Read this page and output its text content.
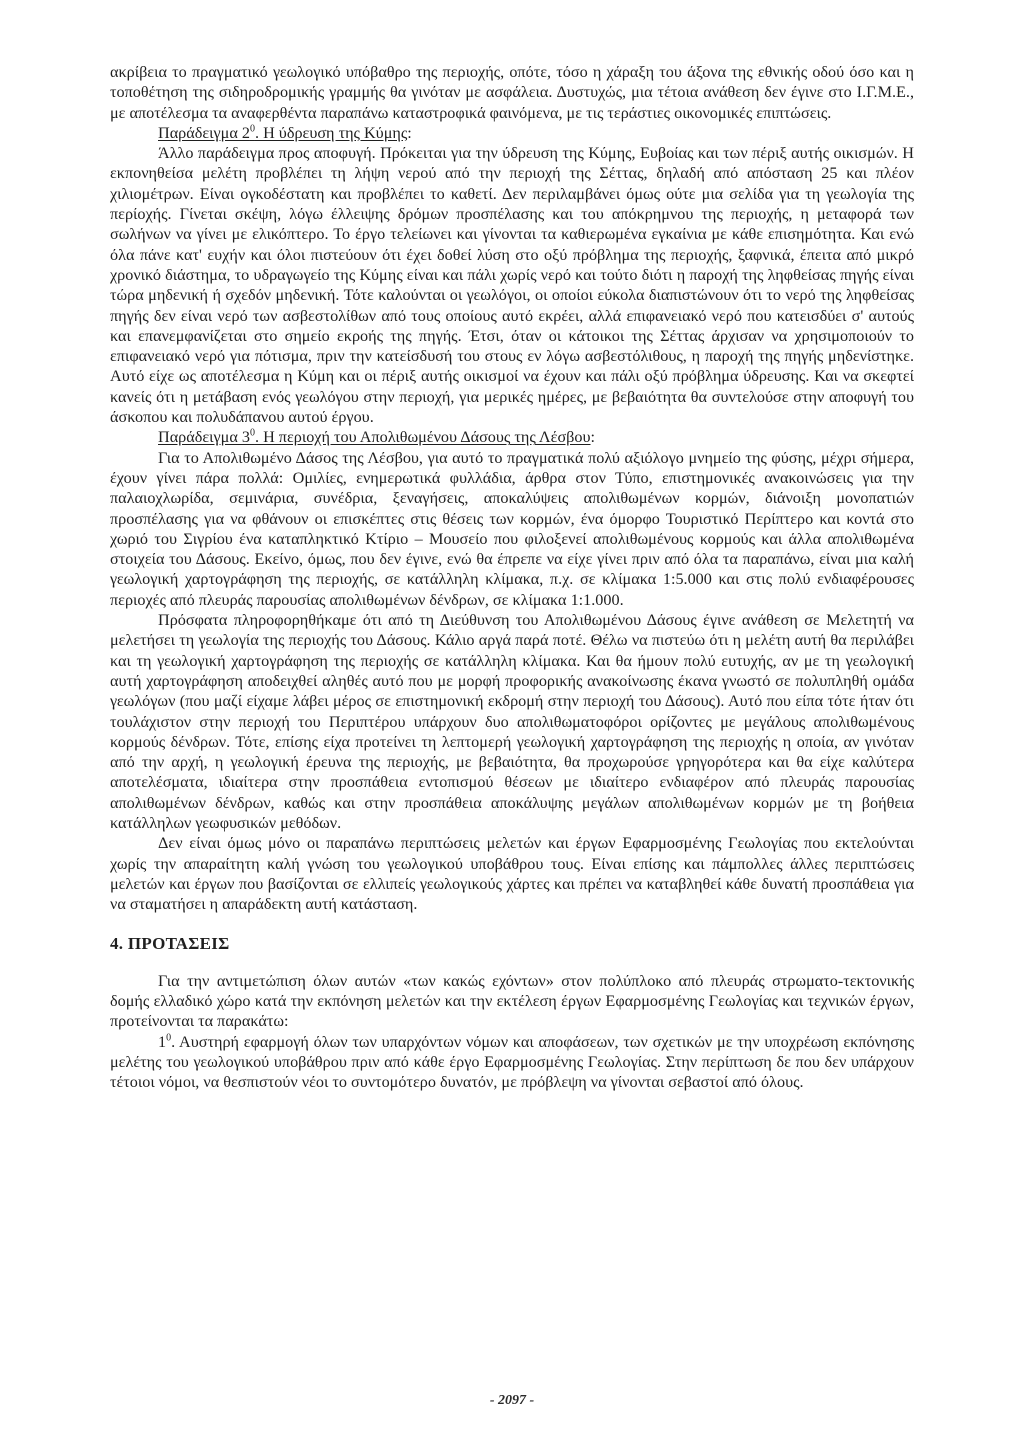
ακρίβεια το πραγματικό γεωλογικό υπόβαθρο της περιοχής, οπότε, τόσο η χάραξη του άξονα της εθνικής οδού όσο και η τοποθέτηση της σιδηροδρομικής γραμμής θα γινόταν με ασφάλεια. Δυστυχώς, μια τέτοια ανάθεση δεν έγινε στο Ι.Γ.Μ.Ε., με αποτέλεσμα τα αναφερθέντα παραπάνω καταστροφικά φαινόμενα, με τις τεράστιες οικονομικές επιπτώσεις.

Παράδειγμα $2^0$. Η ύδρευση της Κύμης:

Άλλο παράδειγμα προς αποφυγή. Πρόκειται για την ύδρευση της Κύμης, Ευβοίας και των πέριξ αυτής οικισμών. Η εκπονηθείσα μελέτη προβλέπει τη λήψη νερού από την περιοχή της Σέττας, δηλαδή από απόσταση 25 και πλέον χιλιομέτρων. Είναι ογκοδέστατη και προβλέπει το καθετί. Δεν περιλαμβάνει όμως ούτε μια σελίδα για τη γεωλογία της περίοχής. Γίνεται σκέψη, λόγω έλλειψης δρόμων προσπέλασης και του απόκρημνου της περιοχής, η μεταφορά των σωλήνων να γίνει με ελικόπτερο. Το έργο τελείωνει και γίνονται τα καθιερωμένα εγκαίνια με κάθε επισημότητα. Και ενώ όλα πάνε κατ' ευχήν και όλοι πιστεύουν ότι έχει δοθεί λύση στο οξύ πρόβλημα της περιοχής, ξαφνικά, έπειτα από μικρό χρονικό διάστημα, το υδραγωγείο της Κύμης είναι και πάλι χωρίς νερό και τούτο διότι η παροχή της ληφθείσας πηγής είναι τώρα μηδενική ή σχεδόν μηδενική. Τότε καλούνται οι γεωλόγοι, οι οποίοι εύκολα διαπιστώνουν ότι το νερό της ληφθείσας πηγής δεν είναι νερό των ασβεστολίθων από τους οποίους αυτό εκρέει, αλλά επιφανειακό νερό που κατεισδύει σ' αυτούς και επανεμφανίζεται στο σημείο εκροής της πηγής. Έτσι, όταν οι κάτοικοι της Σέττας άρχισαν να χρησιμοποιούν το επιφανειακό νερό για πότισμα, πριν την κατείσδυσή του στους εν λόγω ασβεστόλιθους, η παροχή της πηγής μηδενίστηκε. Αυτό είχε ως αποτέλεσμα η Κύμη και οι πέριξ αυτής οικισμοί να έχουν και πάλι οξύ πρόβλημα ύδρευσης. Και να σκεφτεί κανείς ότι η μετάβαση ενός γεωλόγου στην περιοχή, για μερικές ημέρες, με βεβαιότητα θα συντελούσε στην αποφυγή του άσκοπου και πολυδάπανου αυτού έργου.

Παράδειγμα $3^0$. Η περιοχή του Απολιθωμένου Δάσους της Λέσβου:

Για το Απολιθωμένο Δάσος της Λέσβου, για αυτό το πραγματικά πολύ αξιόλογο μνημείο της φύσης, μέχρι σήμερα, έχουν γίνει πάρα πολλά: Ομιλίες, ενημερωτικά φυλλάδια, άρθρα στον Τύπο, επιστημονικές ανακοινώσεις για την παλαιοχλωρίδα, σεμινάρια, συνέδρια, ξεναγήσεις, αποκαλύψεις απολιθωμένων κορμών, διάνοιξη μονοπατιών προσπέλασης για να φθάνουν οι επισκέπτες στις θέσεις των κορμών, ένα όμορφο Τουριστικό Περίπτερο και κοντά στο χωριό του Σιγρίου ένα καταπληκτικό Κτίριο – Μουσείο που φιλοξενεί απολιθωμένους κορμούς και άλλα απολιθωμένα στοιχεία του Δάσους. Εκείνο, όμως, που δεν έγινε, ενώ θα έπρεπε να είχε γίνει πριν από όλα τα παραπάνω, είναι μια καλή γεωλογική χαρτογράφηση της περιοχής, σε κατάλληλη κλίμακα, π.χ. σε κλίμακα 1:5.000 και στις πολύ ενδιαφέρουσες περιοχές από πλευράς παρουσίας απολιθωμένων δένδρων, σε κλίμακα 1:1.000.

Πρόσφατα πληροφορηθήκαμε ότι από τη Διεύθυνση του Απολιθωμένου Δάσους έγινε ανάθεση σε Μελετητή να μελετήσει τη γεωλογία της περιοχής του Δάσους. Κάλιο αργά παρά ποτέ. Θέλω να πιστεύω ότι η μελέτη αυτή θα περιλάβει και τη γεωλογική χαρτογράφηση της περιοχής σε κατάλληλη κλίμακα. Και θα ήμουν πολύ ευτυχής, αν με τη γεωλογική αυτή χαρτογράφηση αποδειχθεί αληθές αυτό που με μορφή προφορικής ανακοίνωσης έκανα γνωστό σε πολυπληθή ομάδα γεωλόγων (που μαζί είχαμε λάβει μέρος σε επιστημονική εκδρομή στην περιοχή του Δάσους). Αυτό που είπα τότε ήταν ότι τουλάχιστον στην περιοχή του Περιπτέρου υπάρχουν δυο απολιθωματοφόροι ορίζοντες με μεγάλους απολιθωμένους κορμούς δένδρων. Τότε, επίσης είχα προτείνει τη λεπτομερή γεωλογική χαρτογράφηση της περιοχής η οποία, αν γινόταν από την αρχή, η γεωλογική έρευνα της περιοχής, με βεβαιότητα, θα προχωρούσε γρηγορότερα και θα είχε καλύτερα αποτελέσματα, ιδιαίτερα στην προσπάθεια εντοπισμού θέσεων με ιδιαίτερο ενδιαφέρον από πλευράς παρουσίας απολιθωμένων δένδρων, καθώς και στην προσπάθεια αποκάλυψης μεγάλων απολιθωμένων κορμών με τη βοήθεια κατάλληλων γεωφυσικών μεθόδων.

Δεν είναι όμως μόνο οι παραπάνω περιπτώσεις μελετών και έργων Εφαρμοσμένης Γεωλογίας που εκτελούνται χωρίς την απαραίτητη καλή γνώση του γεωλογικού υποβάθρου τους. Είναι επίσης και πάμπολλες άλλες περιπτώσεις μελετών και έργων που βασίζονται σε ελλιπείς γεωλογικούς χάρτες και πρέπει να καταβληθεί κάθε δυνατή προσπάθεια για να σταματήσει η απαράδεκτη αυτή κατάσταση.

4. ΠΡΟΤΑΣΕΙΣ

Για την αντιμετώπιση όλων αυτών «των κακώς εχόντων» στον πολύπλοκο από πλευράς στρωματο-τεκτονικής δομής ελλαδικό χώρο κατά την εκπόνηση μελετών και την εκτέλεση έργων Εφαρμοσμένης Γεωλογίας και τεχνικών έργων, προτείνονται τα παρακάτω:

$1^0$. Αυστηρή εφαρμογή όλων των υπαρχόντων νόμων και αποφάσεων, των σχετικών με την υποχρέωση εκπόνησης μελέτης του γεωλογικού υποβάθρου πριν από κάθε έργο Εφαρμοσμένης Γεωλογίας. Στην περίπτωση δε που δεν υπάρχουν τέτοιοι νόμοι, να θεσπιστούν νέοι το συντομότερο δυνατόν, με πρόβλεψη να γίνονται σεβαστοί από όλους.

- 2097 -
